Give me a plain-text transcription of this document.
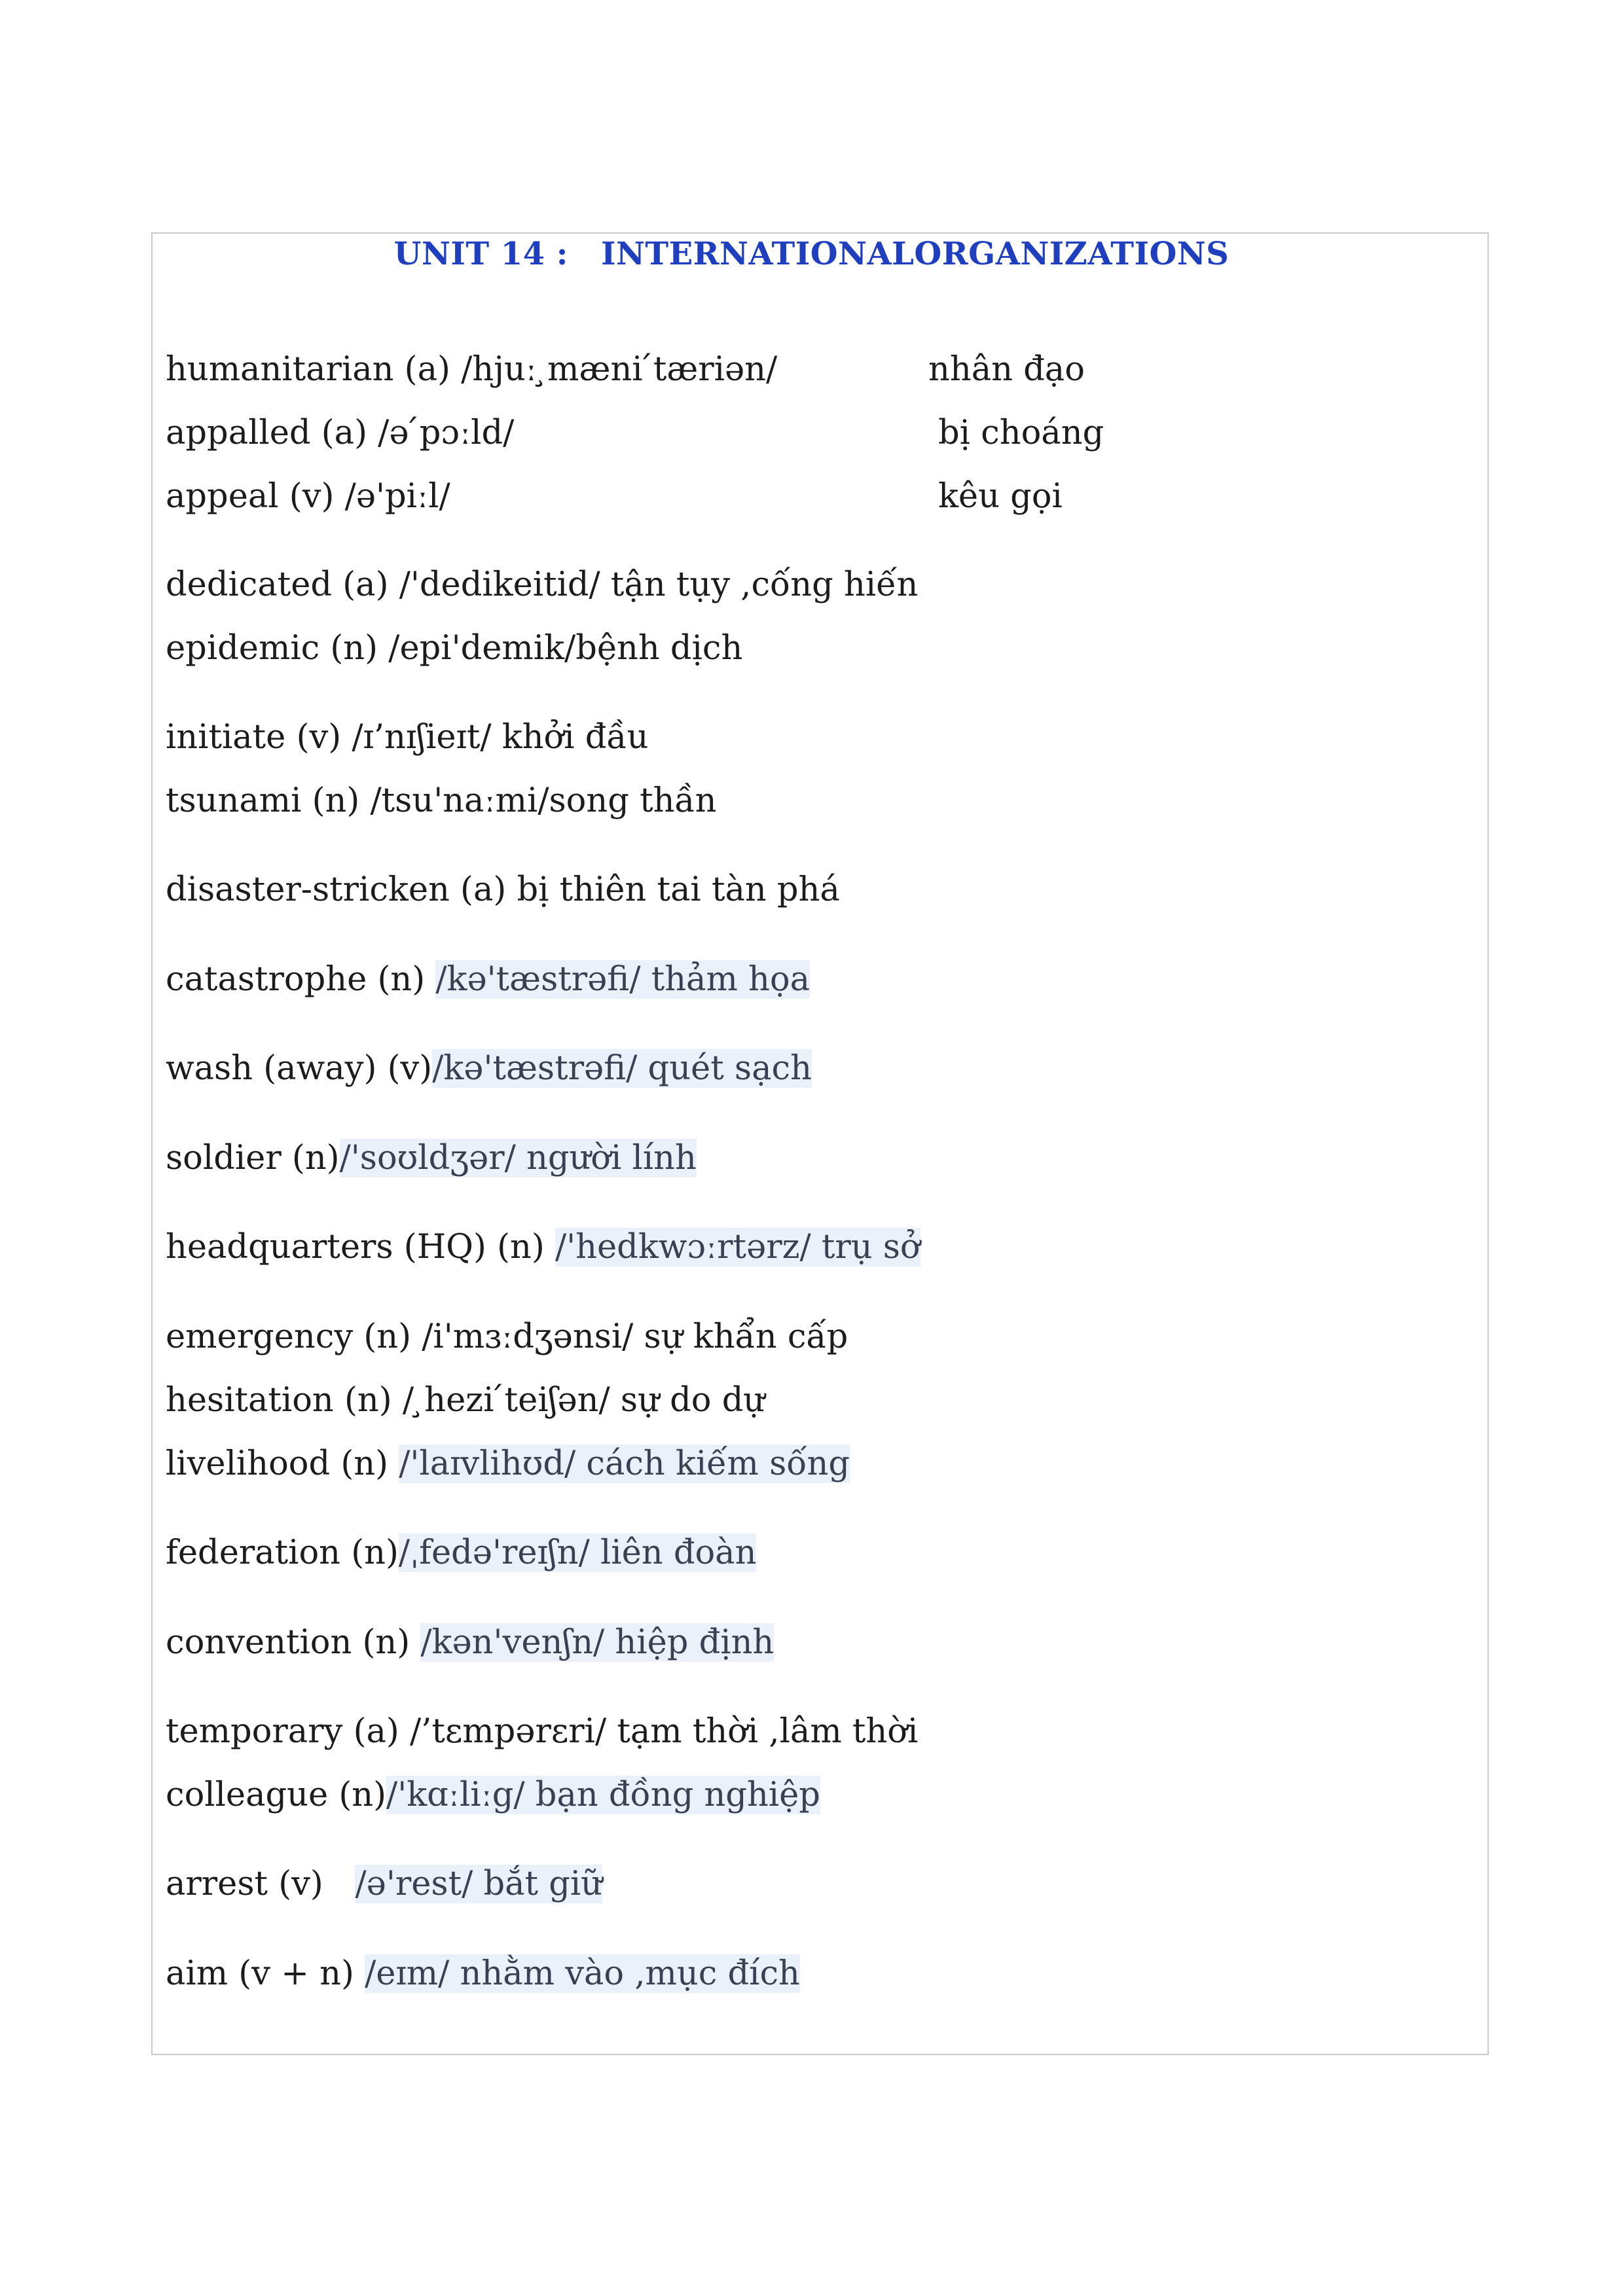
UNIT 14 : INTERNATIONALORGANIZATIONS
humanitarian (a) /hjuː ̧mæni ́tæriən/	nhân đạo
appalled (a) /ə ́pɔːld/	bị choáng
appeal (v) /ə'piːl/	kêu gọi
dedicated (a) /'dedikeitid/ tận tụy ,cống hiến
epidemic (n) /epi'demik/bệnh dịch
initiate (v) /ɪ’nɪʃieɪt/ khởi đầu
tsunami (n) /tsu'naːmi/song thần
disaster-stricken (a) bị thiên tai tàn phá
catastrophe (n) /kə'tæstrəfi/ thảm họa
wash (away) (v)/kə'tæstrəfi/ quét sạch
soldier (n)/'soʊldʒər/ người lính
headquarters (HQ) (n) /'hedkwɔːrtərz/ trụ sở
emergency (n) /i'mɜːdʒənsi/ sự khẩn cấp
hesitation (n) / ̧hezi ́teiʃən/ sự do dự
livelihood (n) /'laɪvlihʊd/ cách kiếm sống
federation (n)/ˌfedə'reɪʃn/ liên đoàn
convention (n) /kən'venʃn/ hiệp định
temporary (a) /’tɛmpərɛri/ tạm thời ,lâm thời
colleague (n)/'kɑːliːg/ bạn đồng nghiệp
arrest (v)   /ə'rest/ bắt giữ
aim (v + n) /eɪm/ nhằm vào ,mục đích
